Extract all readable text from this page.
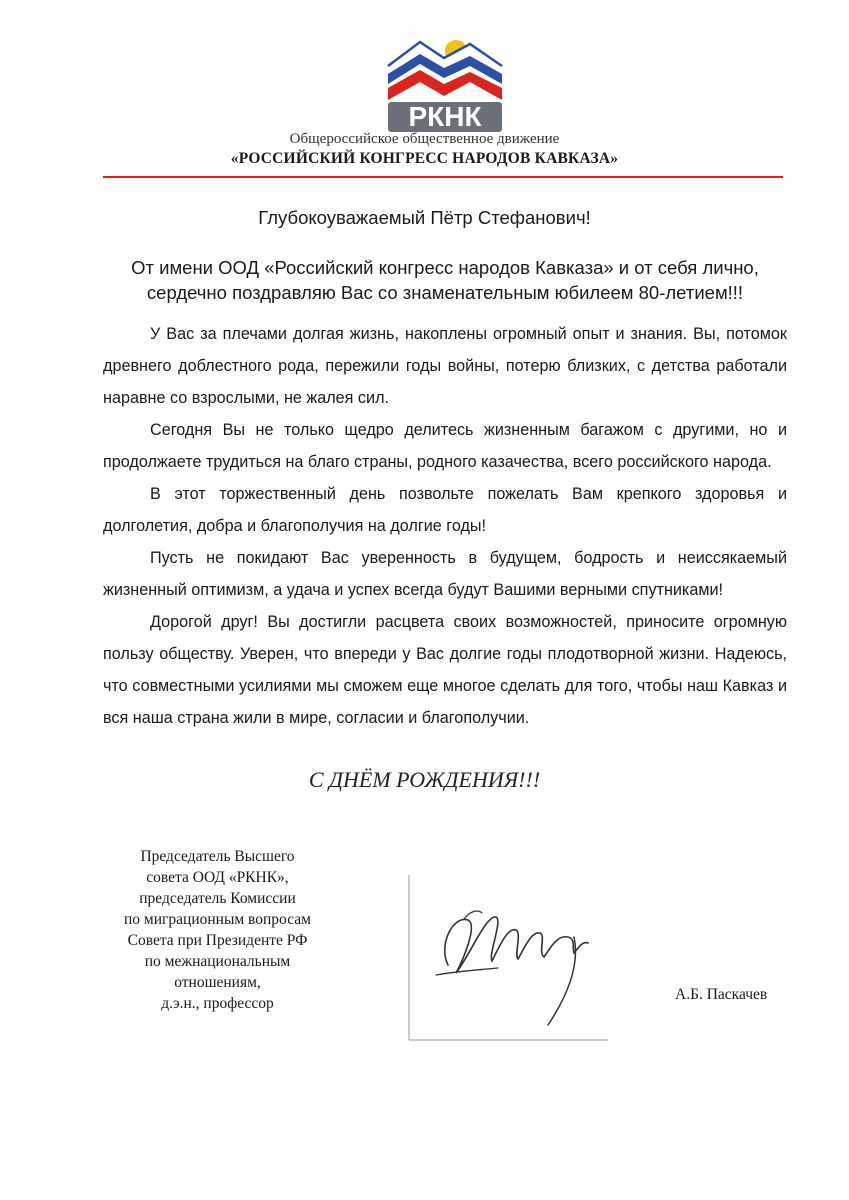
РКНК
Общероссийское общественное движение
«РОССИЙСКИЙ КОНГРЕСС НАРОДОВ КАВКАЗА»
Глубокоуважаемый Пётр Стефанович!
От имени ООД «Российский конгресс народов Кавказа» и от себя лично,
сердечно поздравляю Вас со знаменательным юбилеем 80-летием!!!

У Вас за плечами долгая жизнь, накоплены огромный опыт и знания. Вы, потомок древнего доблестного рода, пережили годы войны, потерю близких, с детства работали наравне со взрослыми, не жалея сил.

Сегодня Вы не только щедро делитесь жизненным багажом с другими, но и продолжаете трудиться на благо страны, родного казачества, всего российского народа.

В этот торжественный день позвольте пожелать Вам крепкого здоровья и долголетия, добра и благополучия на долгие годы!

Пусть не покидают Вас уверенность в будущем, бодрость и неиссякаемый жизненный оптимизм, а удача и успех всегда будут Вашими верными спутниками!

Дорогой друг! Вы достигли расцвета своих возможностей, приносите огромную пользу обществу. Уверен, что впереди у Вас долгие годы плодотворной жизни. Надеюсь, что совместными усилиями мы сможем еще многое сделать для того, чтобы наш Кавказ и вся наша страна жили в мире, согласии и благополучии.

С ДНЁМ РОЖДЕНИЯ!!!
Председатель Высшего
совета ООД «РКНК»,
председатель Комиссии
по миграционным вопросам
Совета при Президенте РФ
по межнациональным
отношениям,
д.э.н., профессор
А.Б. Паскачев
